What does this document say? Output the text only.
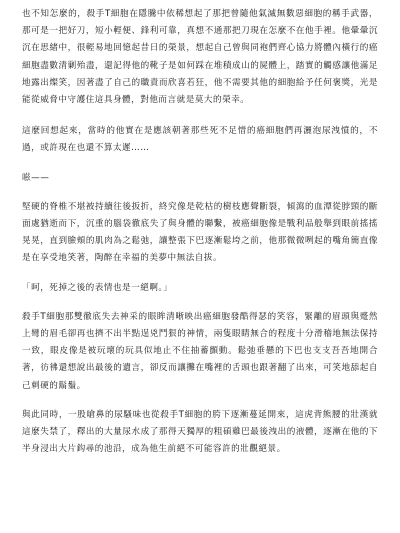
也不知怎麼的，殺手T細胞在隱騰中依稀想起了那把曾隨他氣滅無數惡細胞的稱手武器，那可是一把好刀，短小輕便、鋒利可靠，真想不通那把刀現在怎麼不在他手裡。他暈暈沉沉在思緒中，很輕易地回憶起昔日的榮景，想起自己曾與同袍們齊心協力將體內橫行的癌細胞盡數清剿殆盡，還記得他的靴子是如何踩在堆積成山的屍體上，踏實的觸感讓他滿足地露出燦笑，因著盡了自己的職責而欣喜若狂，他不需要其他的細胞給予任何褒獎，光是能從威脅中守護住這具身體，對他而言就是莫大的榮幸。

這麼回想起來，當時的他實在是應該朝著那些死不足惜的癌細胞們再灑泡尿洩憤的，不過，或許現在也還不算太遲……

嗞——

堅硬的脊椎不堪被持續往後扳折，終究像是乾枯的樹枝應聲斷裂，傾瀉的血潭從脖頸的斷面處猶逝而下，沉重的腦袋徹底失了與身體的聯繫，被癌細胞像是戰利品般舉到眼前搖搖晃晃，直到臉頰的肌肉為之鬆弛，讓整張下巴逐漸鬆垮之前，他那微微咧起的嘴角簡直像是在享受地笑著，陶醉在幸福的美夢中無法自拔。

「呵，死掉之後的表情也是一絕啊。」

殺手T細胞那雙徹底失去神采的眼眸清晰映出癌細胞發酷得瑟的笑容，緊離的眉頭與蹙然上彎的眉毛卻再也擠不出半點逞兇鬥狠的神情，兩隻眼睛無合的程度十分滑稽地無法保持一致，眼皮像是被玩壞的玩具似地止不住抽蓄顫動。鬆弛垂懸的下巴也支支吾吾地開合著，彷彿還想說出最後的遺言，卻反而讓攤在嘴裡的舌頭也跟著翻了出來，可笑地舔起自己刺硬的鬍鬚。

與此同時，一股嗆鼻的尿騷味也從殺手T細胞的胯下逐漸蔓延開來，這虎背熊腰的壯漢就這麼失禁了，釋出的大量尿水成了那得天獨厚的粗碩雞巴最後洩出的液體，逐漸在他的下半身浸出大片鈎尋的池沿，成為他生前絕不可能容許的壯觀絕景。
